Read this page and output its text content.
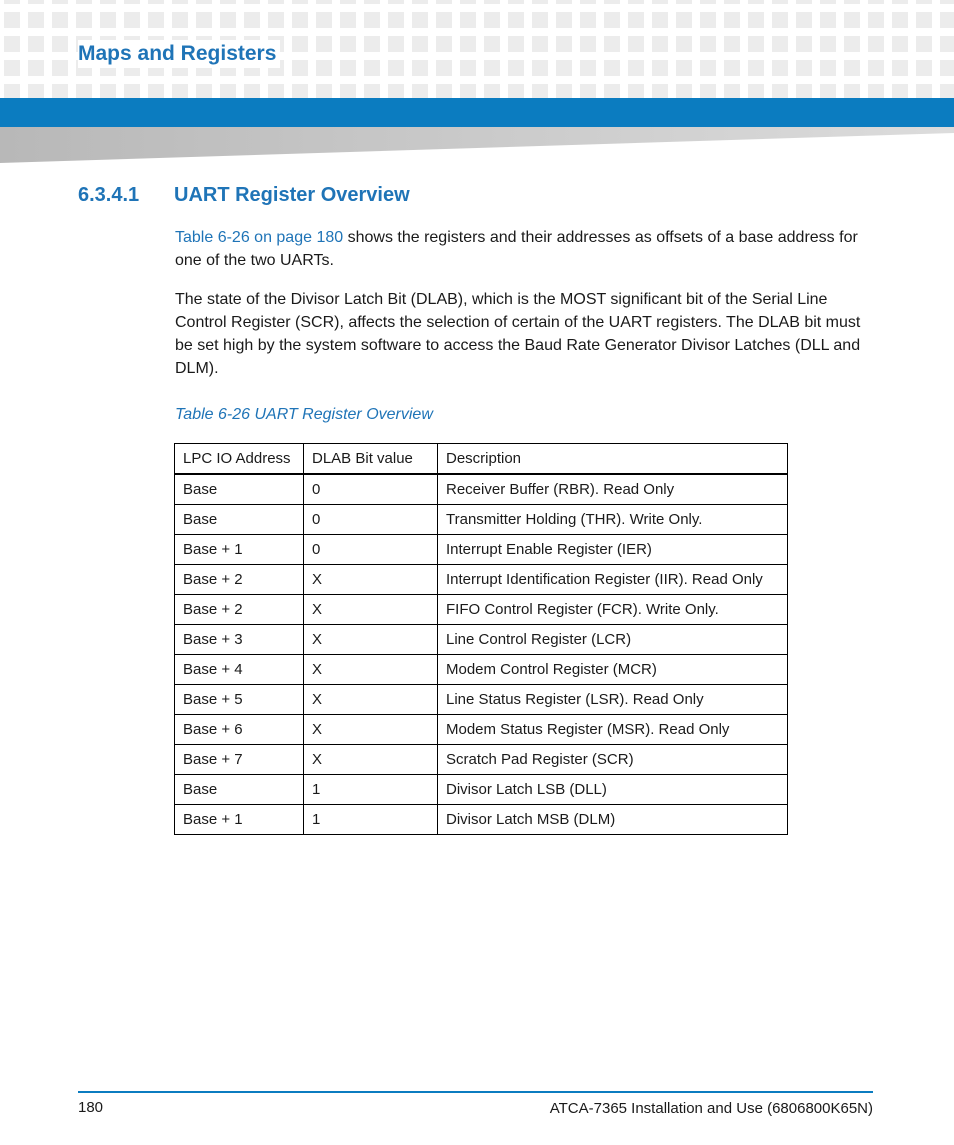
Maps and Registers
6.3.4.1 UART Register Overview

Table 6-26 on page 180 shows the registers and their addresses as offsets of a base address for one of the two UARTs.

The state of the Divisor Latch Bit (DLAB), which is the MOST significant bit of the Serial Line Control Register (SCR), affects the selection of certain of the UART registers. The DLAB bit must be set high by the system software to access the Baud Rate Generator Divisor Latches (DLL and DLM).

Table 6-26 UART Register Overview

LPC IO Address	DLAB Bit value	Description
Base	0	Receiver Buffer (RBR). Read Only
Base	0	Transmitter Holding (THR). Write Only.
Base + 1	0	Interrupt Enable Register (IER)
Base + 2	X	Interrupt Identification Register (IIR). Read Only
Base + 2	X	FIFO Control Register (FCR). Write Only.
Base + 3	X	Line Control Register (LCR)
Base + 4	X	Modem Control Register (MCR)
Base + 5	X	Line Status Register (LSR). Read Only
Base + 6	X	Modem Status Register (MSR). Read Only
Base + 7	X	Scratch Pad Register (SCR)
Base	1	Divisor Latch LSB (DLL)
Base + 1	1	Divisor Latch MSB (DLM)

180	ATCA-7365 Installation and Use (6806800K65N)
